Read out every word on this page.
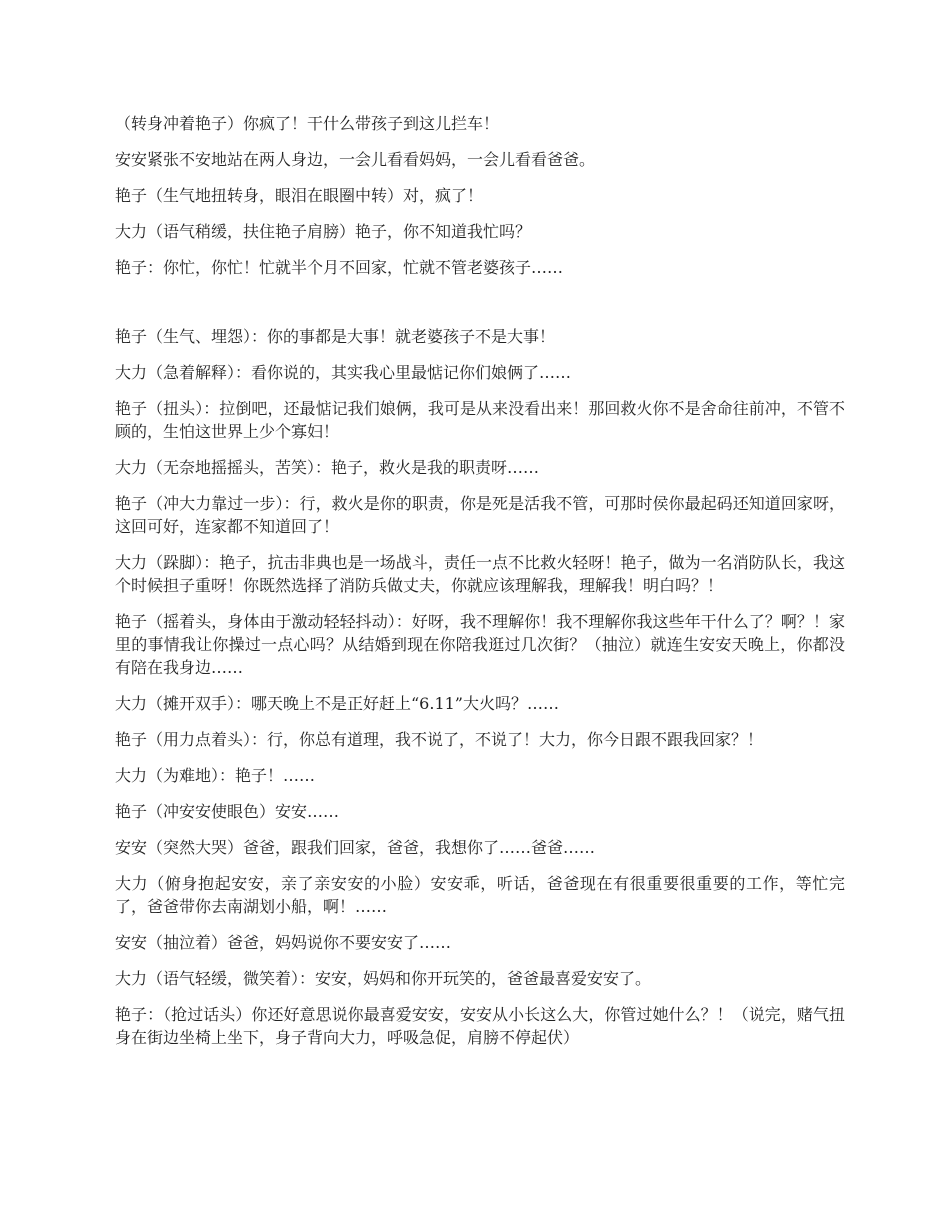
（转身冲着艳子）你疯了！干什么带孩子到这儿拦车！

安安紧张不安地站在两人身边，一会儿看看妈妈，一会儿看看爸爸。

艳子（生气地扭转身，眼泪在眼圈中转）对，疯了！

大力（语气稍缓，扶住艳子肩膀）艳子，你不知道我忙吗？

艳子：你忙，你忙！忙就半个月不回家，忙就不管老婆孩子……

艳子（生气、埋怨）：你的事都是大事！就老婆孩子不是大事！

大力（急着解释）：看你说的，其实我心里最惦记你们娘俩了……

艳子（扭头）：拉倒吧，还最惦记我们娘俩，我可是从来没看出来！那回救火你不是舍命往前冲，不管不顾的，生怕这世界上少个寡妇！

大力（无奈地摇摇头，苦笑）：艳子，救火是我的职责呀……

艳子（冲大力靠过一步）：行，救火是你的职责，你是死是活我不管，可那时侯你最起码还知道回家呀，这回可好，连家都不知道回了！

大力（跺脚）：艳子，抗击非典也是一场战斗，责任一点不比救火轻呀！艳子，做为一名消防队长，我这个时候担子重呀！你既然选择了消防兵做丈夫，你就应该理解我，理解我！明白吗？！

艳子（摇着头，身体由于激动轻轻抖动）：好呀，我不理解你！我不理解你我这些年干什么了？啊？！家里的事情我让你操过一点心吗？从结婚到现在你陪我逛过几次街？（抽泣）就连生安安天晚上，你都没有陪在我身边……

大力（摊开双手）：哪天晚上不是正好赶上“6.11”大火吗？……

艳子（用力点着头）：行，你总有道理，我不说了，不说了！大力，你今日跟不跟我回家？！

大力（为难地）：艳子！……

艳子（冲安安使眼色）安安……

安安（突然大哭）爸爸，跟我们回家，爸爸，我想你了……爸爸……

大力（俯身抱起安安，亲了亲安安的小脸）安安乖，听话，爸爸现在有很重要很重要的工作，等忙完了，爸爸带你去南湖划小船，啊！……

安安（抽泣着）爸爸，妈妈说你不要安安了……

大力（语气轻缓，微笑着）：安安，妈妈和你开玩笑的，爸爸最喜爱安安了。

艳子：（抢过话头）你还好意思说你最喜爱安安，安安从小长这么大，你管过她什么？！（说完，赌气扭身在街边坐椅上坐下，身子背向大力，呼吸急促，肩膀不停起伏）
